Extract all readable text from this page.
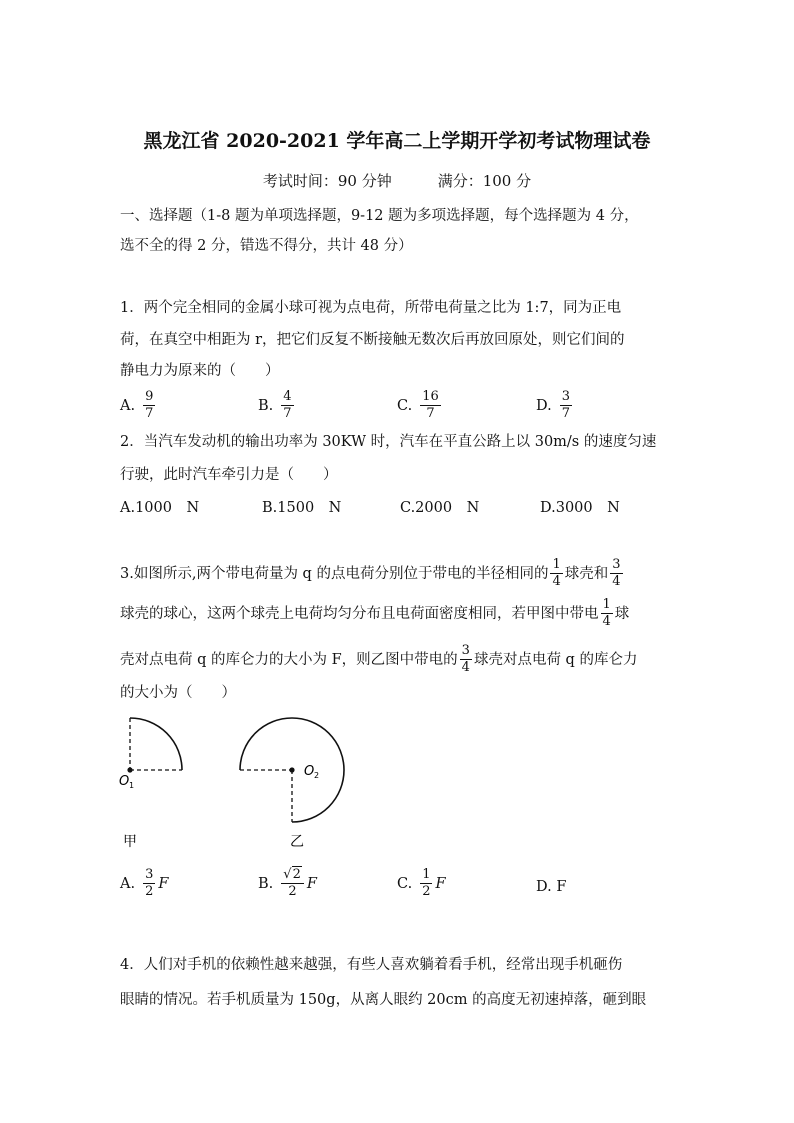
黑龙江省 2020-2021 学年高二上学期开学初考试物理试卷
考试时间：90 分钟	满分：100 分
一、选择题（1-8 题为单项选择题，9-12 题为多项选择题，每个选择题为 4 分，
选不全的得 2 分，错选不得分，共计 48 分）
1．两个完全相同的金属小球可视为点电荷，所带电荷量之比为 1:7，同为正电
荷，在真空中相距为 r，把它们反复不断接触无数次后再放回原处，则它们间的
静电力为原来的（　　）
A. $\frac{9}{7}$	B. $\frac{4}{7}$	C. $\frac{16}{7}$	D. $\frac{3}{7}$
2．当汽车发动机的输出功率为 30KW 时，汽车在平直公路上以 30m/s 的速度匀速
行驶，此时汽车牵引力是（　　）
A.1000　N	B.1500　N	C.2000　N	D.3000　N
3.如图所示,两个带电荷量为 q 的点电荷分别位于带电的半径相同的 $\frac{1}{4}$ 球壳和 $\frac{3}{4}$
球壳的球心，这两个球壳上电荷均匀分布且电荷面密度相同，若甲图中带电 $\frac{1}{4}$ 球
壳对点电荷 q 的库仑力的大小为 F，则乙图中带电的 $\frac{3}{4}$ 球壳对点电荷 q 的库仑力
的大小为（　　）
O 1
甲
O 2
乙
A. $\frac{3}{2}$ F	B. $\frac{√2}{2}$ F	C. $\frac{1}{2}$ F	D. F
4．人们对手机的依赖性越来越强，有些人喜欢躺着看手机，经常出现手机砸伤
眼睛的情况。若手机质量为 150g，从离人眼约 20cm 的高度无初速掉落，砸到眼
